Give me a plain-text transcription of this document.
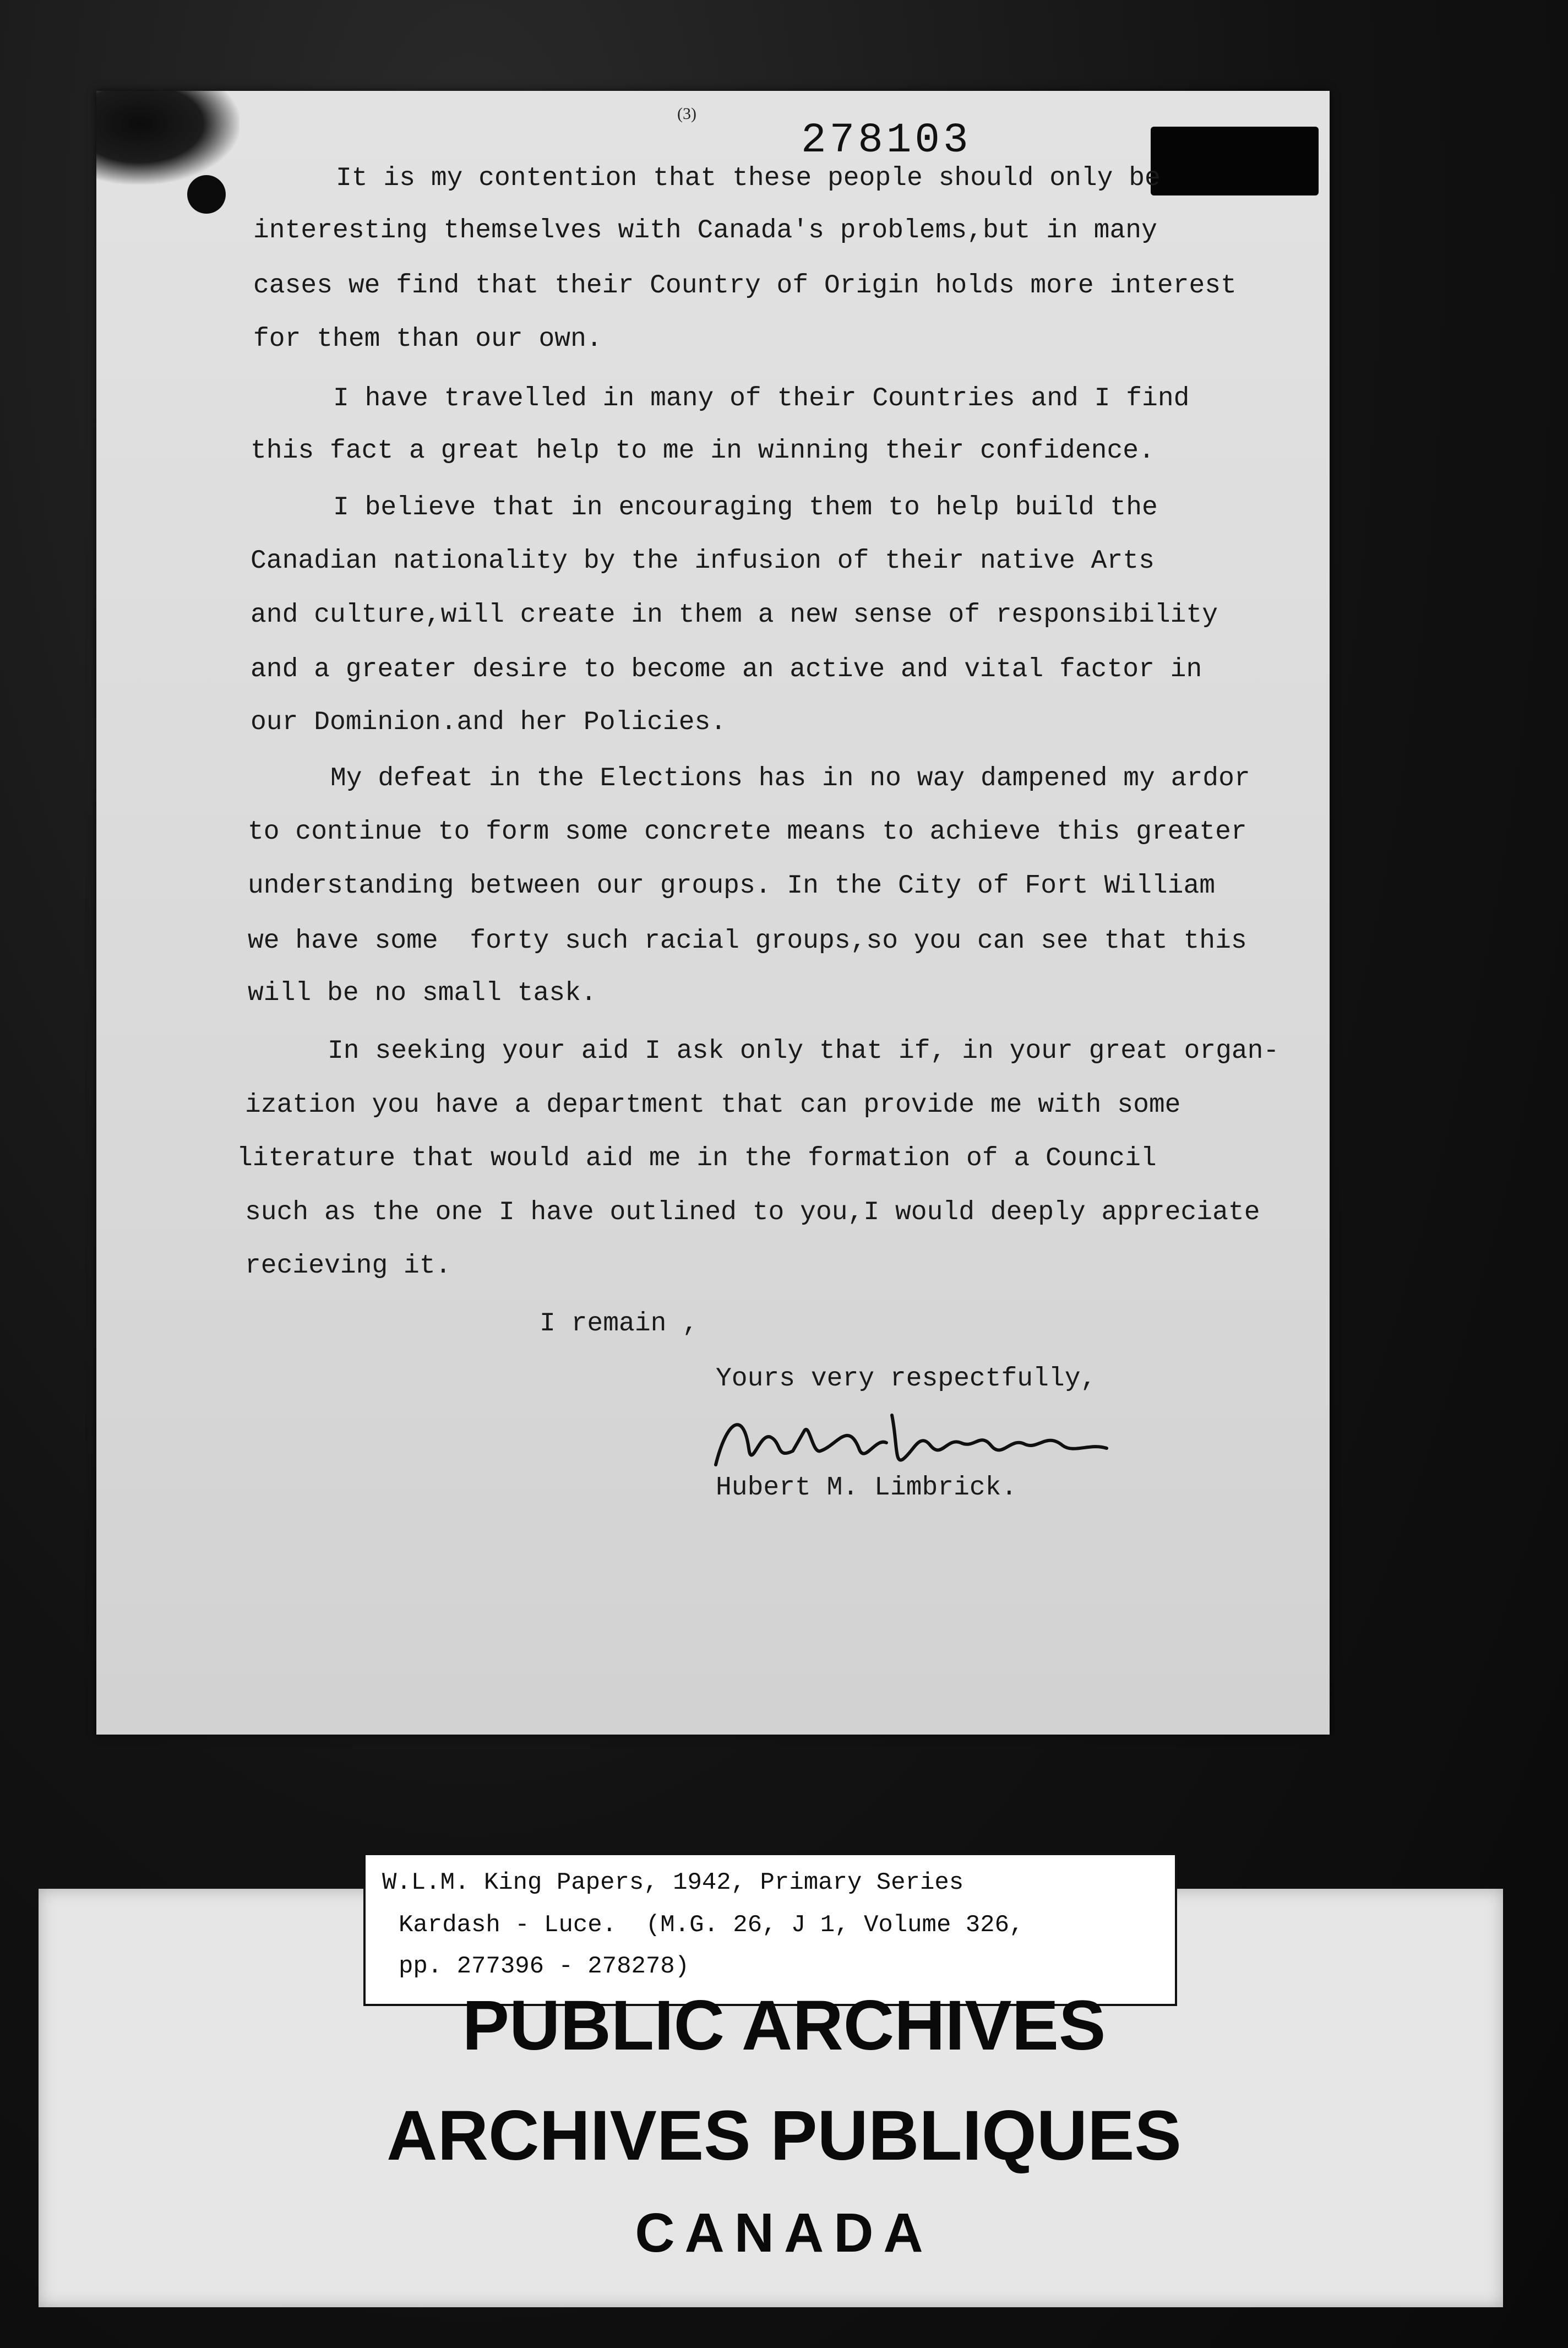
(3)
278103
It is my contention that these people should only be
interesting themselves with Canada's problems,but in many
cases we find that their Country of Origin holds more interest
for them than our own.
I have travelled in many of their Countries and I find
this fact a great help to me in winning their confidence.
I believe that in encouraging them to help build the
Canadian nationality by the infusion of their native Arts
and culture,will create in them a new sense of responsibility
and a greater desire to become an active and vital factor in
our Dominion.and her Policies.
My defeat in the Elections has in no way dampened my ardor
to continue to form some concrete means to achieve this greater
understanding between our groups. In the City of Fort William
we have some  forty such racial groups,so you can see that this
will be no small task.
In seeking your aid I ask only that if, in your great organ-
ization you have a department that can provide me with some
literature that would aid me in the formation of a Council
such as the one I have outlined to you,I would deeply appreciate
recieving it.
I remain ,
Yours very respectfully,
Hubert M. Limbrick.
W.L.M. King Papers, 1942, Primary Series
Kardash - Luce.  (M.G. 26, J 1, Volume 326,
pp. 277396 - 278278)
PUBLIC ARCHIVES
ARCHIVES PUBLIQUES
CANADA
